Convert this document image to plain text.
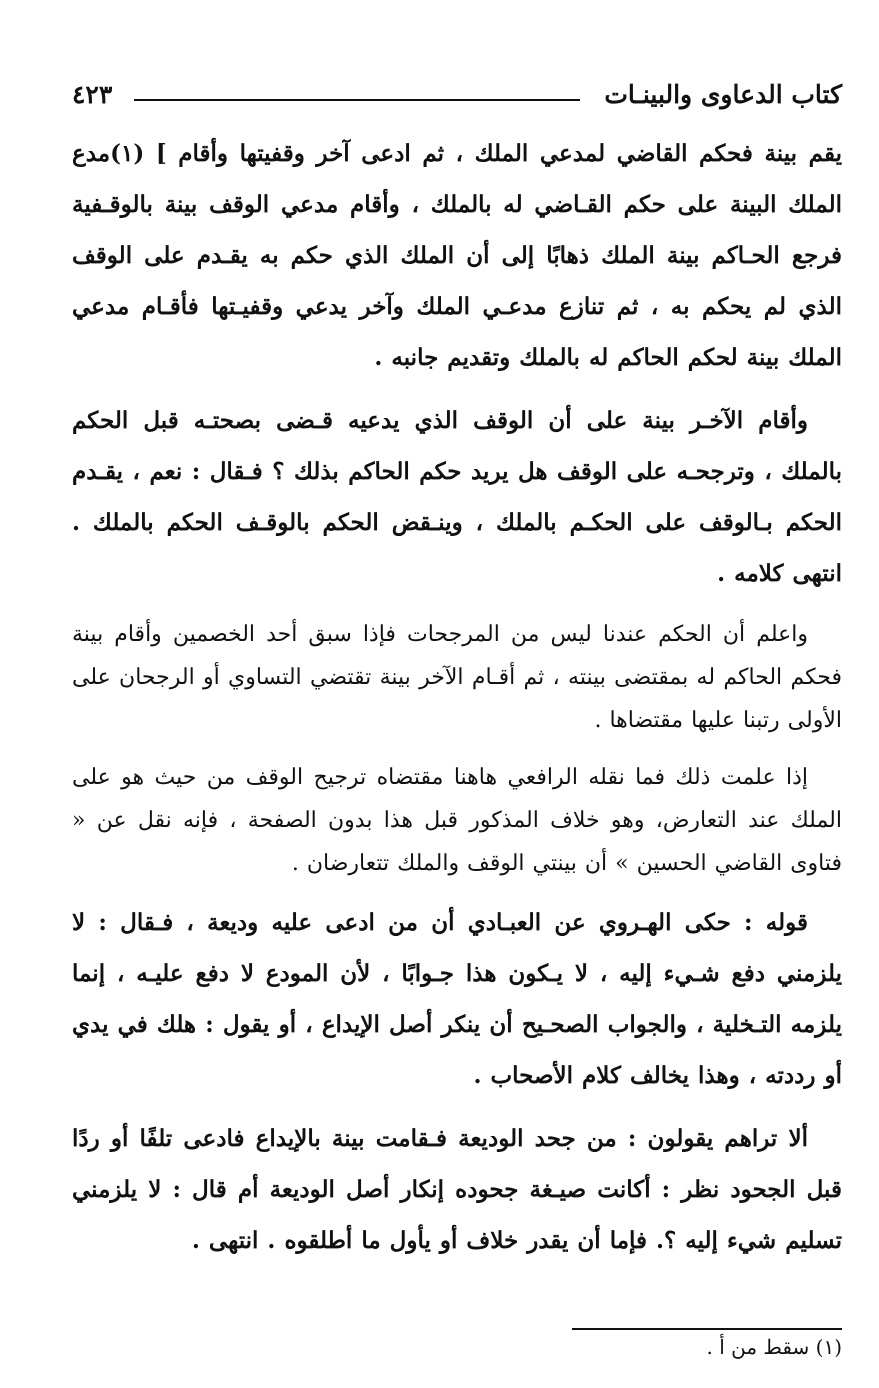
كتاب الدعاوى والبينـات
٤٢٣

يقم بينة فحكم القاضي لمدعي الملك ، ثم ادعى آخر وقفيتها وأقام ] (١)مدع الملك البينة على حكم القـاضي له بالملك ، وأقام مدعي الوقف بينة بالوقـفية فرجع الحـاكم بينة الملك ذهابًا إلى أن الملك الذي حكم به يقـدم على الوقف الذي لم يحكم به ، ثم تنازع مدعـي الملك وآخر يدعي وقفيـتها فأقـام مدعي الملك بينة لحكم الحاكم له بالملك وتقديم جانبه .

وأقام الآخـر بينة على أن الوقف الذي يدعيه قـضى بصحتـه قبل الحكم بالملك ، وترجحـه على الوقف هل يريد حكم الحاكم بذلك ؟ فـقال : نعم ، يقـدم الحكم بـالوقف على الحكـم بالملك ، وينـقض الحكم بالوقـف الحكم بالملك . انتهى كلامه .

واعلم أن الحكم عندنا ليس من المرجحات فإذا سبق أحد الخصمين وأقام بينة فحكم الحاكم له بمقتضى بينته ، ثم أقـام الآخر بينة تقتضي التساوي أو الرجحان على الأولى رتبنا عليها مقتضاها .

إذا علمت ذلك فما نقله الرافعي هاهنا مقتضاه ترجيح الوقف من حيث هو على الملك عند التعارض، وهو خلاف المذكور قبل هذا بدون الصفحة ، فإنه نقل عن « فتاوى القاضي الحسين » أن بينتي الوقف والملك تتعارضان .

قوله : حكى الهـروي عن العبـادي أن من ادعى عليه وديعة ، فـقال : لا يلزمني دفع شـيء إليه ، لا يـكون هذا جـوابًا ، لأن المودع لا دفع عليـه ، إنما يلزمه التـخلية ، والجواب الصحـيح أن ينكر أصل الإيداع ، أو يقول : هلك في يدي أو رددته ، وهذا يخالف كلام الأصحاب .

ألا تراهم يقولون : من جحد الوديعة فـقامت بينة بالإيداع فادعى تلفًا أو ردًا قبل الجحود نظر : أكانت صيـغة جحوده إنكار أصل الوديعة أم قال : لا يلزمني تسليم شيء إليه ؟. فإما أن يقدر خلاف أو يأول ما أطلقوه . انتهى .

(١) سقط من أ .
